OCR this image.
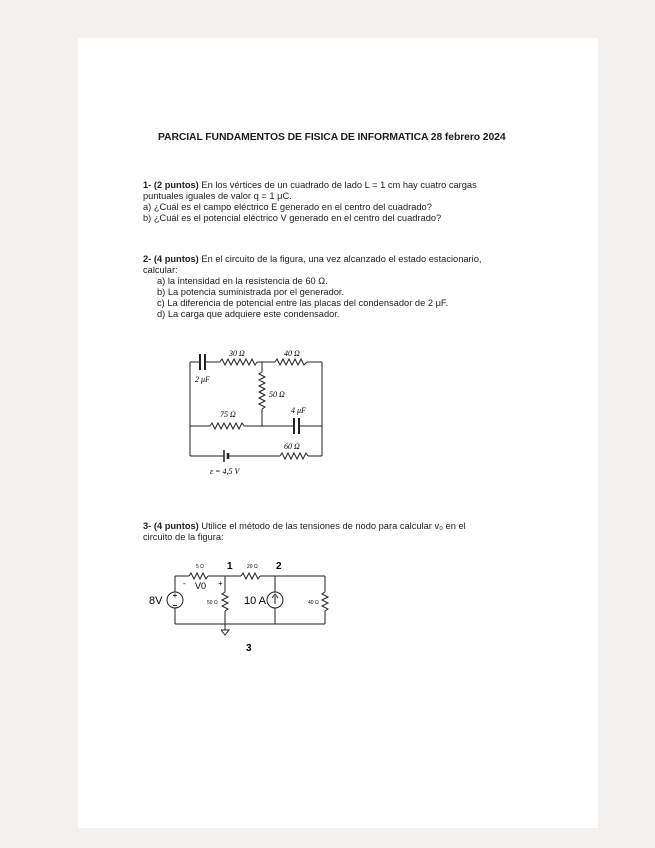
PARCIAL FUNDAMENTOS DE FISICA DE INFORMATICA 28 febrero 2024
1- (2 puntos) En los vértices de un cuadrado de lado L = 1 cm hay cuatro cargas
puntuales iguales de valor q = 1 μC.
a) ¿Cuál es el campo eléctrico E generado en el centro del cuadrado?
b) ¿Cuál es el potencial eléctrico V generado en el centro del cuadrado?
2- (4 puntos) En el circuito de la figura, una vez alcanzado el estado estacionario,
calcular:
a) la intensidad en la resistencia de 60 Ω.
b) La potencia suministrada por el generador.
c) La diferencia de potencial entre las placas del condensador de 2 μF.
d) La carga que adquiere este condensador.
30 Ω	40 Ω
2 μF
50 Ω
75 Ω	4 μF
60 Ω
ε = 4,5 V
3- (4 puntos) Utilice el método de las tensiones de nodo para calcular v₀ en el
circuito de la figura:
5 Ω 1	20 Ω 2
-	+
V0
8V	50 Ω 10 A	40 Ω
3
